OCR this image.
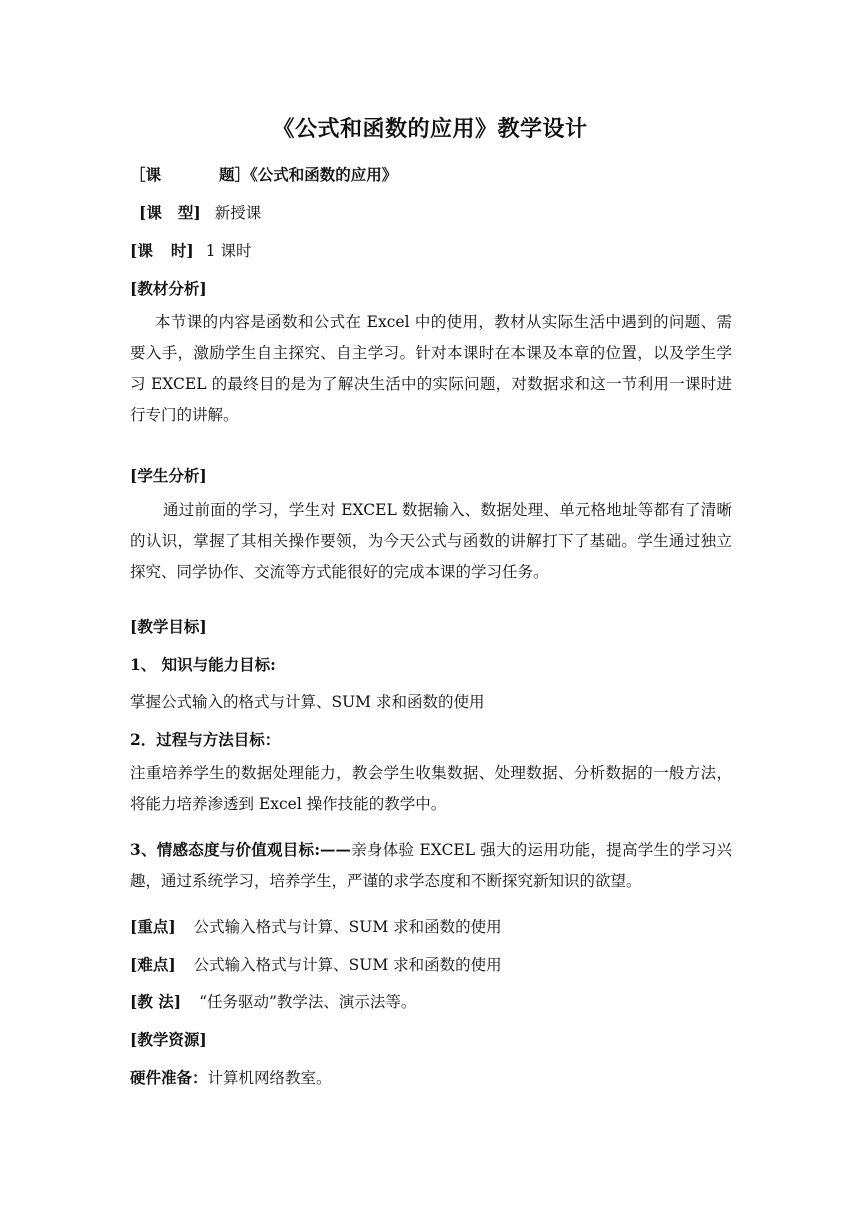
《公式和函数的应用》教学设计
［课	题］《公式和函数的应用》
[课 型] 新授课
[课 时] 1 课时
[教材分析]
本节课的内容是函数和公式在 Excel 中的使用，教材从实际生活中遇到的问题、需要入手，激励学生自主探究、自主学习。针对本课时在本课及本章的位置，以及学生学习 EXCEL 的最终目的是为了解决生活中的实际问题，对数据求和这一节利用一课时进行专门的讲解。
[学生分析]
通过前面的学习，学生对 EXCEL 数据输入、数据处理、单元格地址等都有了清晰的认识，掌握了其相关操作要领，为今天公式与函数的讲解打下了基础。学生通过独立探究、同学协作、交流等方式能很好的完成本课的学习任务。
[教学目标]
1、 知识与能力目标:
掌握公式输入的格式与计算、SUM 求和函数的使用
2．过程与方法目标：
注重培养学生的数据处理能力，教会学生收集数据、处理数据、分析数据的一般方法，将能力培养渗透到 Excel 操作技能的教学中。
3、情感态度与价值观目标:——亲身体验 EXCEL 强大的运用功能，提高学生的学习兴趣，通过系统学习，培养学生，严谨的求学态度和不断探究新知识的欲望。
[重点] 公式输入格式与计算、SUM 求和函数的使用
[难点] 公式输入格式与计算、SUM 求和函数的使用
[教 法] “任务驱动”教学法、演示法等。
[教学资源]
硬件准备：计算机网络教室。
